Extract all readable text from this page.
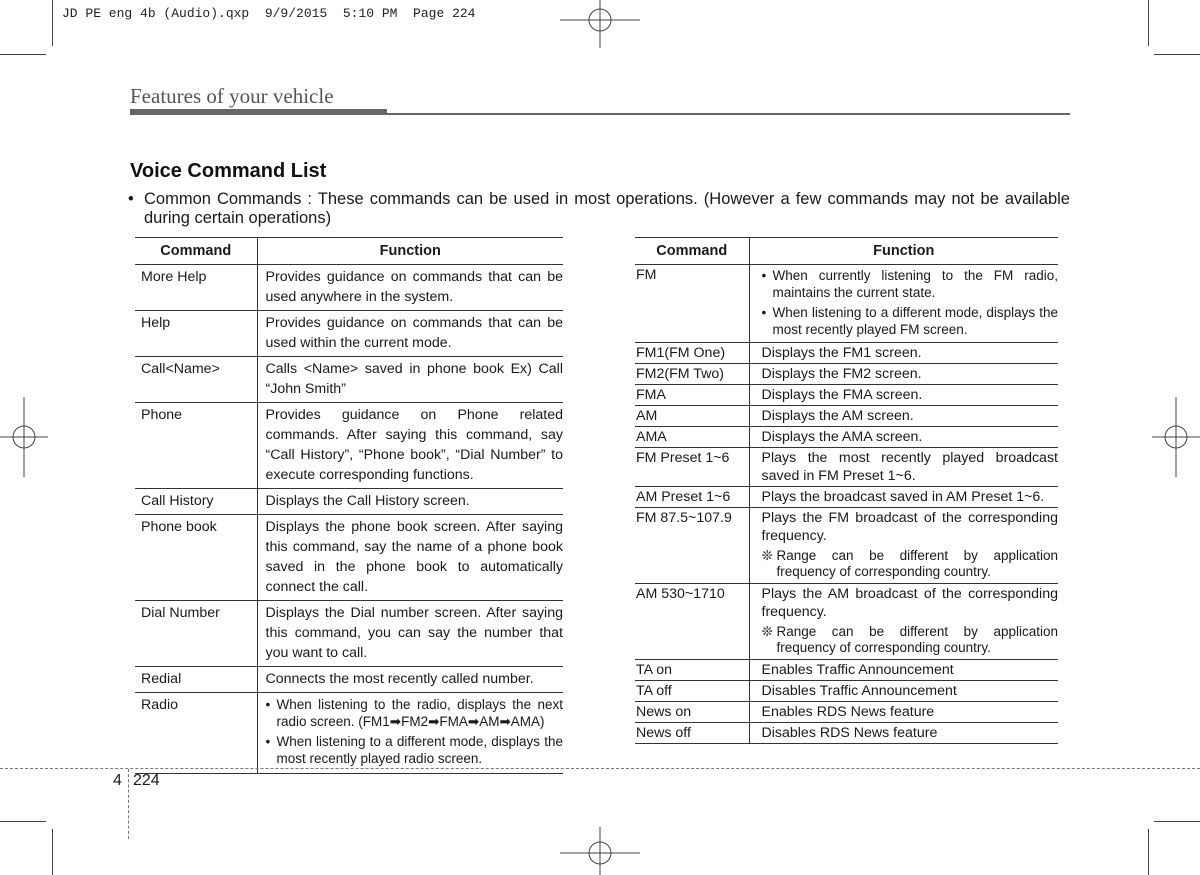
JD PE eng 4b (Audio).qxp  9/9/2015  5:10 PM  Page 224
Features of your vehicle
Voice Command List
• Common Commands : These commands can be used in most operations. (However a few commands may not be available during certain operations)
Command	Function
More Help	Provides guidance on commands that can be used anywhere in the system.

Help	Provides guidance on commands that can be used within the current mode.

Call<Name>	Calls <Name> saved in phone book Ex) Call “John Smith”

Phone	Provides guidance on Phone related commands. After saying this command, say “Call History”, “Phone book”, “Dial Number” to execute corresponding functions.

Call History	Displays the Call History screen.

Phone book	Displays the phone book screen. After saying this command, say the name of a phone book saved in the phone book to automatically connect the call.

Dial Number	Displays the Dial number screen. After saying this command, you can say the number that you want to call.

Redial	Connects the most recently called number.

Radio	• When listening to the radio, displays the next radio screen. (FM1➡FM2➡FMA➡AM➡AMA)
• When listening to a different mode, displays the most recently played radio screen.
Command	Function
FM	• When currently listening to the FM radio, maintains the current state.
• When listening to a different mode, displays the most recently played FM screen.

FM1(FM One)	Displays the FM1 screen.

FM2(FM Two)	Displays the FM2 screen.

FMA	Displays the FMA screen.

AM	Displays the AM screen.

AMA	Displays the AMA screen.

FM Preset 1~6	Plays the most recently played broadcast saved in FM Preset 1~6.

AM Preset 1~6	Plays the broadcast saved in AM Preset 1~6.

FM 87.5~107.9	Plays the FM broadcast of the corresponding frequency.
❊ Range can be different by application frequency of corresponding country.

AM 530~1710	Plays the AM broadcast of the corresponding frequency.
❊ Range can be different by application frequency of corresponding country.

TA on	Enables Traffic Announcement

TA off	Disables Traffic Announcement

News on	Enables RDS News feature

News off	Disables RDS News feature
4 224
